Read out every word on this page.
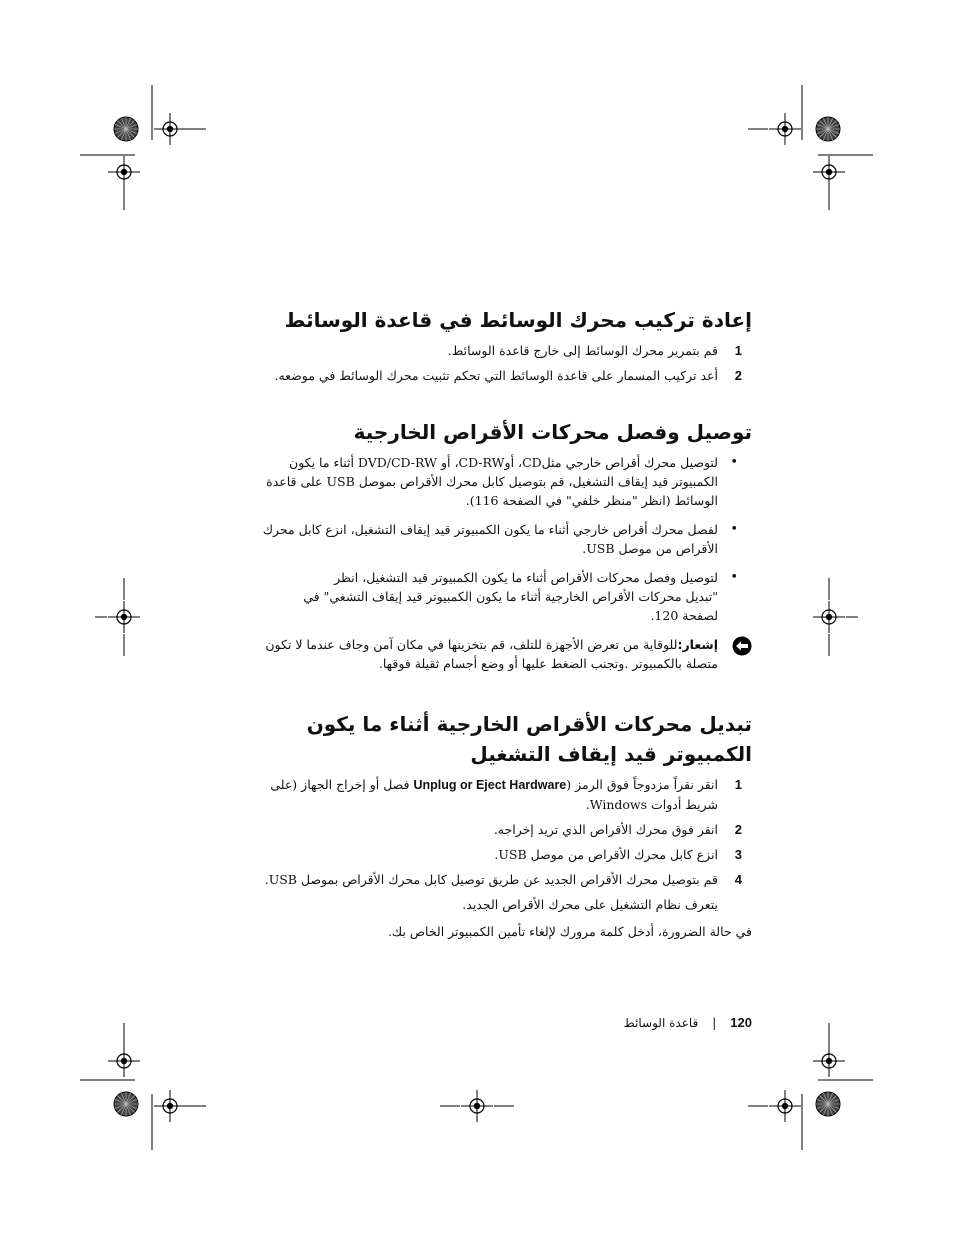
إعادة تركيب محرك الوسائط في قاعدة الوسائط
1
قم بتمرير محرك الوسائط إلى خارج قاعدة الوسائط.
2
أعد تركيب المسمار على قاعدة الوسائط التي تحكم تثبيت محرك الوسائط في موضعه.
توصيل وفصل محركات الأقراص الخارجية
•
لتوصيل محرك أقراص خارجي مثلCD، أوCD-RW، أو DVD/CD-RW أثناء ما يكون الكمبيوتر قيد إيقاف التشغيل، قم بتوصيل كابل محرك الأقراص بموصل USB على قاعدة الوسائط (انظر "منظر خلفي" في الصفحة 116).
•
لفصل محرك أقراص خارجي أثناء ما يكون الكمبيوتر قيد إيقاف التشغيل، انزع كابل محرك الأقراص من موصل USB.
•
لتوصيل وفصل محركات الأقراص أثناء ما يكون الكمبيوتر قيد التشغيل، انظر "تبديل محركات الأقراص الخارجية أثناء ما يكون الكمبيوتر قيد إيقاف التشغي" في لصفحة 120.
إشعار:للوقاية من تعرض الأجهزة للتلف، قم بتخزينها في مكان آمن وجاف عندما لا تكون متصلة بالكمبيوتر .وتجنب الضغط عليها أو وضع أجسام ثقيلة فوقها.
تبديل محركات الأقراص الخارجية أثناء ما يكون الكمبيوتر قيد إيقاف التشغيل
1
انقر نقراً مزدوجاً فوق الرمز (Unplug or Eject Hardware فصل أو إخراج الجهاز (على شريط أدوات Windows.
2
انقر فوق محرك الأقراص الذي تريد إخراجه.
3
انزع كابل محرك الأقراص من موصل USB.
4
قم بتوصيل محرك الأقراص الجديد عن طريق توصيل كابل محرك الأقراص بموصل USB.
يتعرف نظام التشغيل على محرك الأقراص الجديد.
في حالة الضرورة، أدخل كلمة مرورك لإلغاء تأمين الكمبيوتر الخاص بك.
120|قاعدة الوسائط
